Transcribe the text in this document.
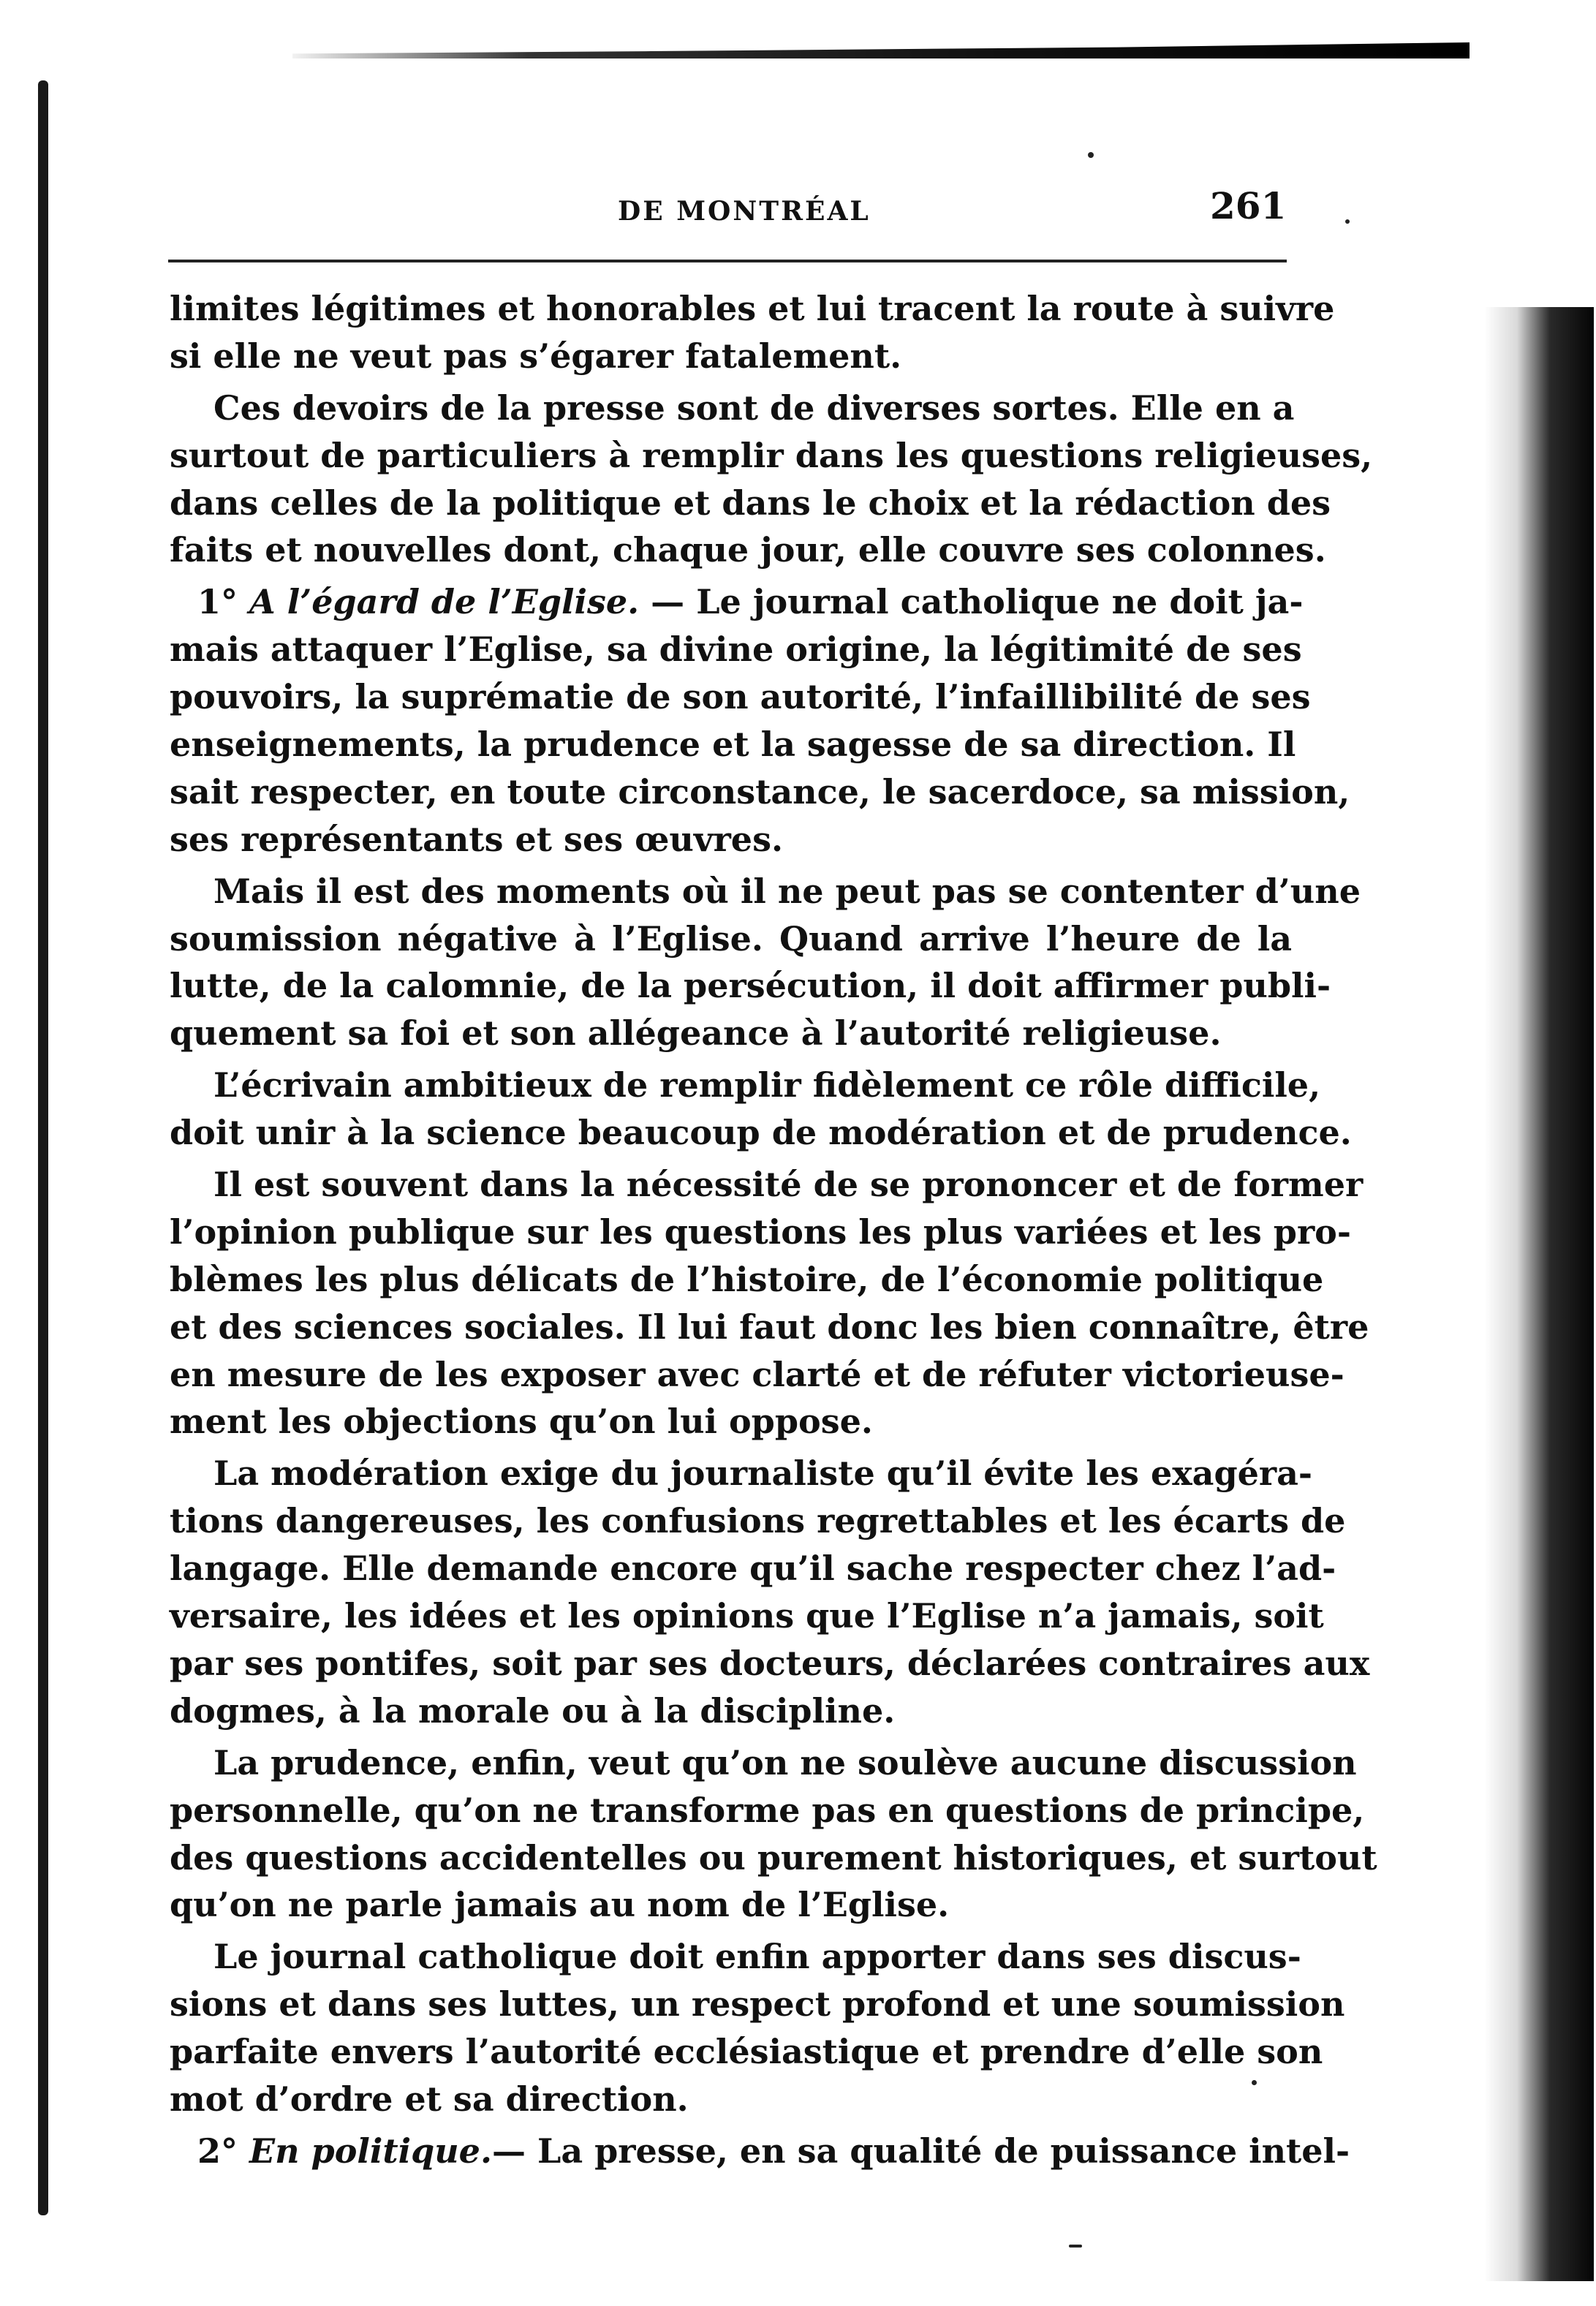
DE MONTRÉAL	261
limites légitimes et honorables et lui tracent la route à suivre
si elle ne veut pas s’égarer fatalement.
Ces devoirs de la presse sont de diverses sortes. Elle en a
surtout de particuliers à remplir dans les questions religieuses,
dans celles de la politique et dans le choix et la rédaction des
faits et nouvelles dont, chaque jour, elle couvre ses colonnes.
1° A l’égard de l’Eglise. — Le journal catholique ne doit ja-
mais attaquer l’Eglise, sa divine origine, la légitimité de ses
pouvoirs, la suprématie de son autorité, l’infaillibilité de ses
enseignements, la prudence et la sagesse de sa direction. Il
sait respecter, en toute circonstance, le sacerdoce, sa mission,
ses représentants et ses œuvres.
Mais il est des moments où il ne peut pas se contenter d’une
soumission négative à l’Eglise. Quand arrive l’heure de la
lutte, de la calomnie, de la persécution, il doit affirmer publi-
quement sa foi et son allégeance à l’autorité religieuse.
L’écrivain ambitieux de remplir fidèlement ce rôle difficile,
doit unir à la science beaucoup de modération et de prudence.
Il est souvent dans la nécessité de se prononcer et de former
l’opinion publique sur les questions les plus variées et les pro-
blèmes les plus délicats de l’histoire, de l’économie politique
et des sciences sociales. Il lui faut donc les bien connaître, être
en mesure de les exposer avec clarté et de réfuter victorieuse-
ment les objections qu’on lui oppose.
La modération exige du journaliste qu’il évite les exagéra-
tions dangereuses, les confusions regrettables et les écarts de
langage. Elle demande encore qu’il sache respecter chez l’ad-
versaire, les idées et les opinions que l’Eglise n’a jamais, soit
par ses pontifes, soit par ses docteurs, déclarées contraires aux
dogmes, à la morale ou à la discipline.
La prudence, enfin, veut qu’on ne soulève aucune discussion
personnelle, qu’on ne transforme pas en questions de principe,
des questions accidentelles ou purement historiques, et surtout
qu’on ne parle jamais au nom de l’Eglise.
Le journal catholique doit enfin apporter dans ses discus-
sions et dans ses luttes, un respect profond et une soumission
parfaite envers l’autorité ecclésiastique et prendre d’elle son
mot d’ordre et sa direction.
2° En politique.— La presse, en sa qualité de puissance intel-
